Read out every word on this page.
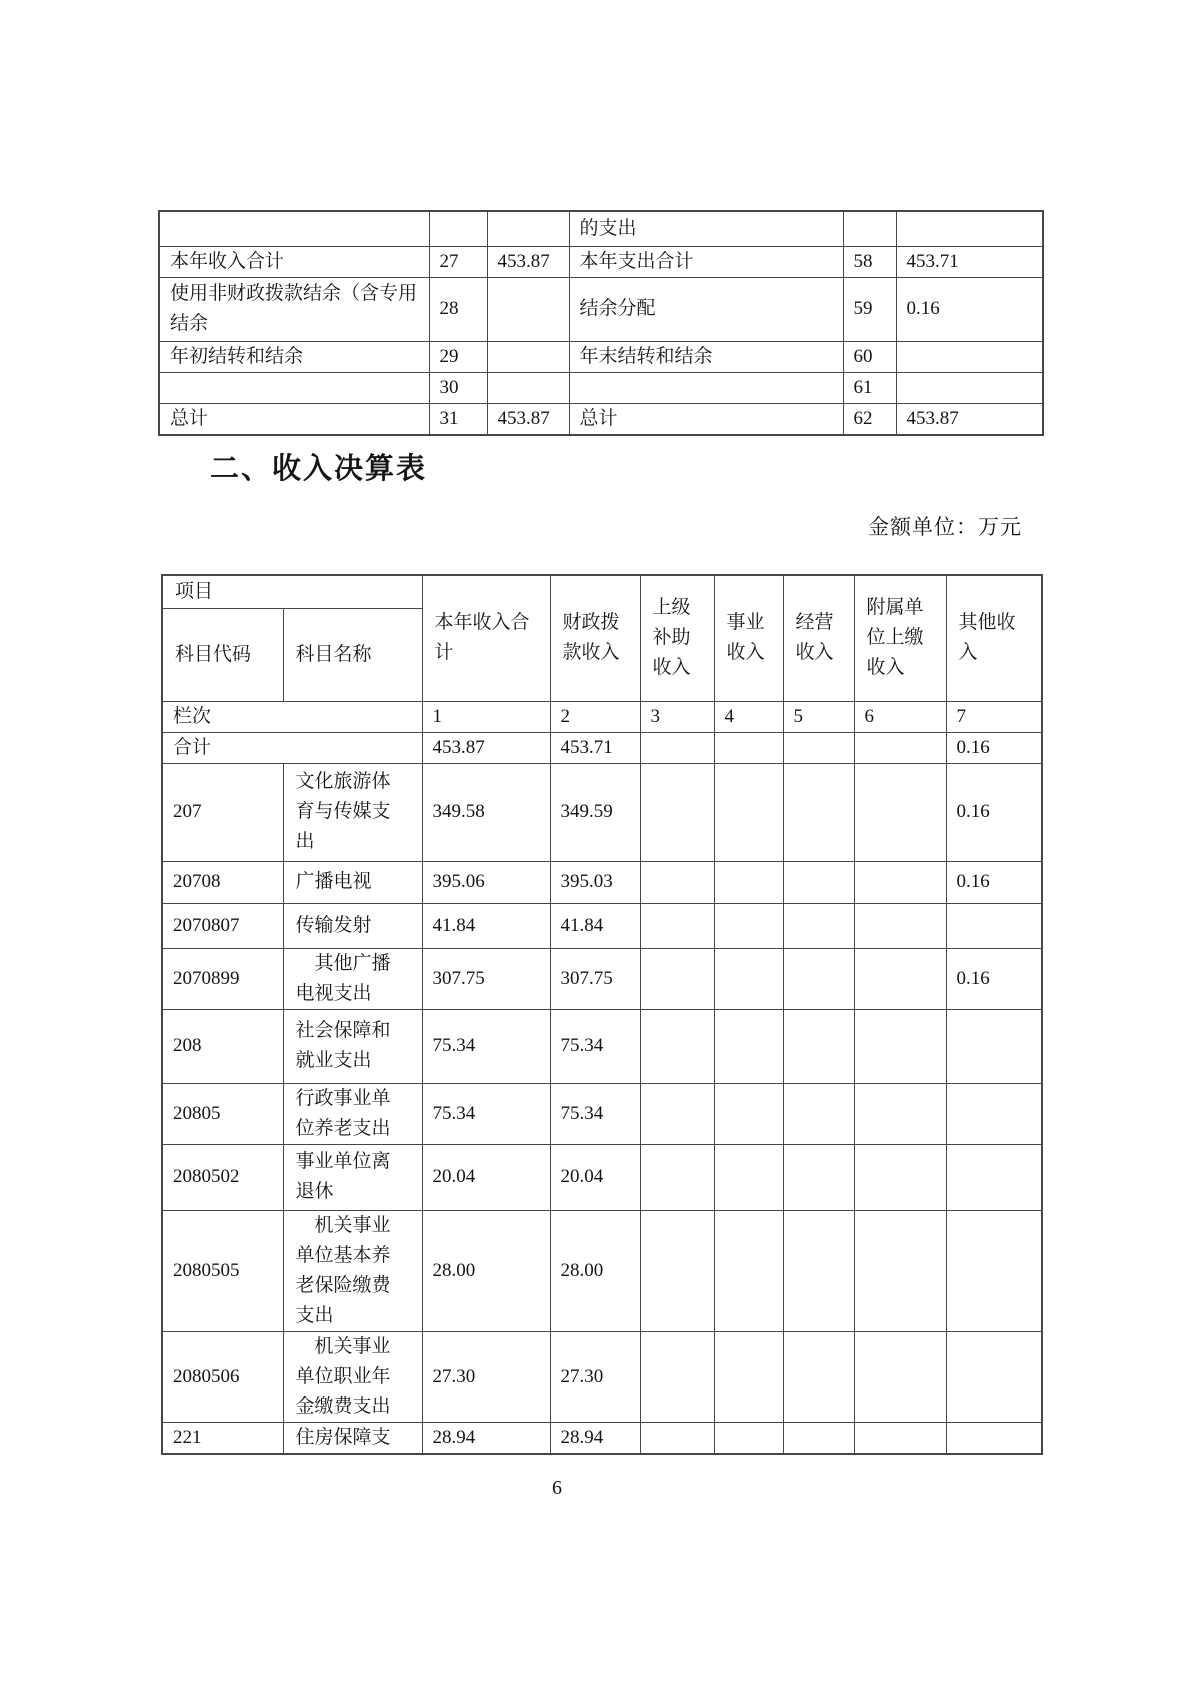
			的支出		
本年收入合计	27	453.87	本年支出合计	58	453.71
使用非财政拨款结余（含专用结余	28		结余分配	59	0.16
年初结转和结余	29		年末结转和结余	60	
	30			61	
总计	31	453.87	总计	62	453.87
二、收入决算表
金额单位：万元
项目		本年收入合计	财政拨款收入	上级补助收入	事业收入	经营收入	附属单位上缴收入	其他收入
科目代码	科目名称							
栏次		1	2	3	4	5	6	7
合计		453.87	453.71					0.16
207	文化旅游体育与传媒支出	349.58	349.59					0.16
20708	广播电视	395.06	395.03					0.16
2070807	传输发射	41.84	41.84					
2070899	　其他广播电视支出	307.75	307.75					0.16
208	社会保障和就业支出	75.34	75.34					
20805	行政事业单位养老支出	75.34	75.34					
2080502	事业单位离退休	20.04	20.04					
2080505	　机关事业单位基本养老保险缴费支出	28.00	28.00					
2080506	　机关事业单位职业年金缴费支出	27.30	27.30					
221	住房保障支	28.94	28.94					
6
